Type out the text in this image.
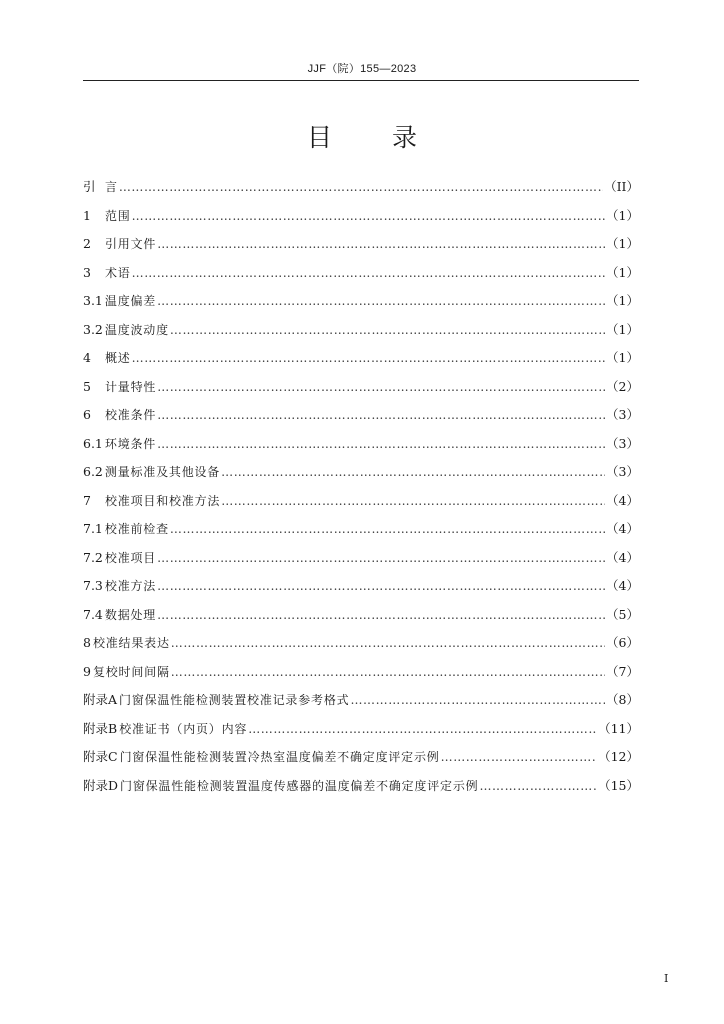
JJF（院）155—2023
目 录
引 言 ……………………………………………………………………………………………………………………………………………………………………………………	（II）
1	范围 ……………………………………………………………………………………………………………………………………………………………………………………	（1）
2	引用文件 ……………………………………………………………………………………………………………………………………………………………………………………	（1）
3	术语 ……………………………………………………………………………………………………………………………………………………………………………………	（1）
3.1 温度偏差 ……………………………………………………………………………………………………………………………………………………………………………………	（1）
3.2 温度波动度 ……………………………………………………………………………………………………………………………………………………………………………………	（1）
4	概述 ……………………………………………………………………………………………………………………………………………………………………………………	（1）
5	计量特性 ……………………………………………………………………………………………………………………………………………………………………………………	（2）
6	校准条件 ……………………………………………………………………………………………………………………………………………………………………………………	（3）
6.1 环境条件 ……………………………………………………………………………………………………………………………………………………………………………………	（3）
6.2 测量标准及其他设备 ……………………………………………………………………………………………………………………………………………………………………………………	（3）
7	校准项目和校准方法 ……………………………………………………………………………………………………………………………………………………………………………………	（4）
7.1 校准前检查 ……………………………………………………………………………………………………………………………………………………………………………………	（4）
7.2 校准项目 ……………………………………………………………………………………………………………………………………………………………………………………	（4）
7.3 校准方法 ……………………………………………………………………………………………………………………………………………………………………………………	（4）
7.4 数据处理 ……………………………………………………………………………………………………………………………………………………………………………………	（5）
8 校准结果表达 ……………………………………………………………………………………………………………………………………………………………………………………	（6）
9 复校时间间隔 ……………………………………………………………………………………………………………………………………………………………………………………	（7）
附录A 门窗保温性能检测装置校准记录参考格式 ……………………………………………………………………………………………………………………………………………………………………………………	（8）
附录B 校准证书（内页）内容 ……………………………………………………………………………………………………………………………………………………………………………………	（11）
附录C 门窗保温性能检测装置冷热室温度偏差不确定度评定示例 ……………………………………………………………………………………………………………………………………………………………………………………	（12）
附录D 门窗保温性能检测装置温度传感器的温度偏差不确定度评定示例 ……………………………………………………………………………………………………………………………………………………………………………………	（15）
I
